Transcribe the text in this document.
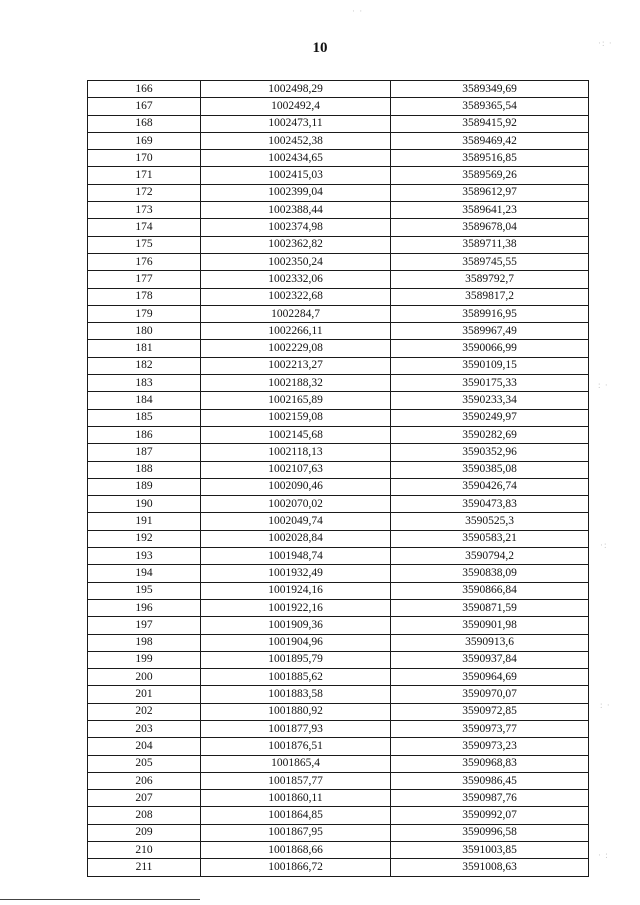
10
166	1002498,29	3589349,69
167	1002492,4	3589365,54
168	1002473,11	3589415,92
169	1002452,38	3589469,42
170	1002434,65	3589516,85
171	1002415,03	3589569,26
172	1002399,04	3589612,97
173	1002388,44	3589641,23
174	1002374,98	3589678,04
175	1002362,82	3589711,38
176	1002350,24	3589745,55
177	1002332,06	3589792,7
178	1002322,68	3589817,2
179	1002284,7	3589916,95
180	1002266,11	3589967,49
181	1002229,08	3590066,99
182	1002213,27	3590109,15
183	1002188,32	3590175,33
184	1002165,89	3590233,34
185	1002159,08	3590249,97
186	1002145,68	3590282,69
187	1002118,13	3590352,96
188	1002107,63	3590385,08
189	1002090,46	3590426,74
190	1002070,02	3590473,83
191	1002049,74	3590525,3
192	1002028,84	3590583,21
193	1001948,74	3590794,2
194	1001932,49	3590838,09
195	1001924,16	3590866,84
196	1001922,16	3590871,59
197	1001909,36	3590901,98
198	1001904,96	3590913,6
199	1001895,79	3590937,84
200	1001885,62	3590964,69
201	1001883,58	3590970,07
202	1001880,92	3590972,85
203	1001877,93	3590973,77
204	1001876,51	3590973,23
205	1001865,4	3590968,83
206	1001857,77	3590986,45
207	1001860,11	3590987,76
208	1001864,85	3590992,07
209	1001867,95	3590996,58
210	1001868,66	3591003,85
211	1001866,72	3591008,63
· ·
·: ·
: ·
·:
: ·
· :
